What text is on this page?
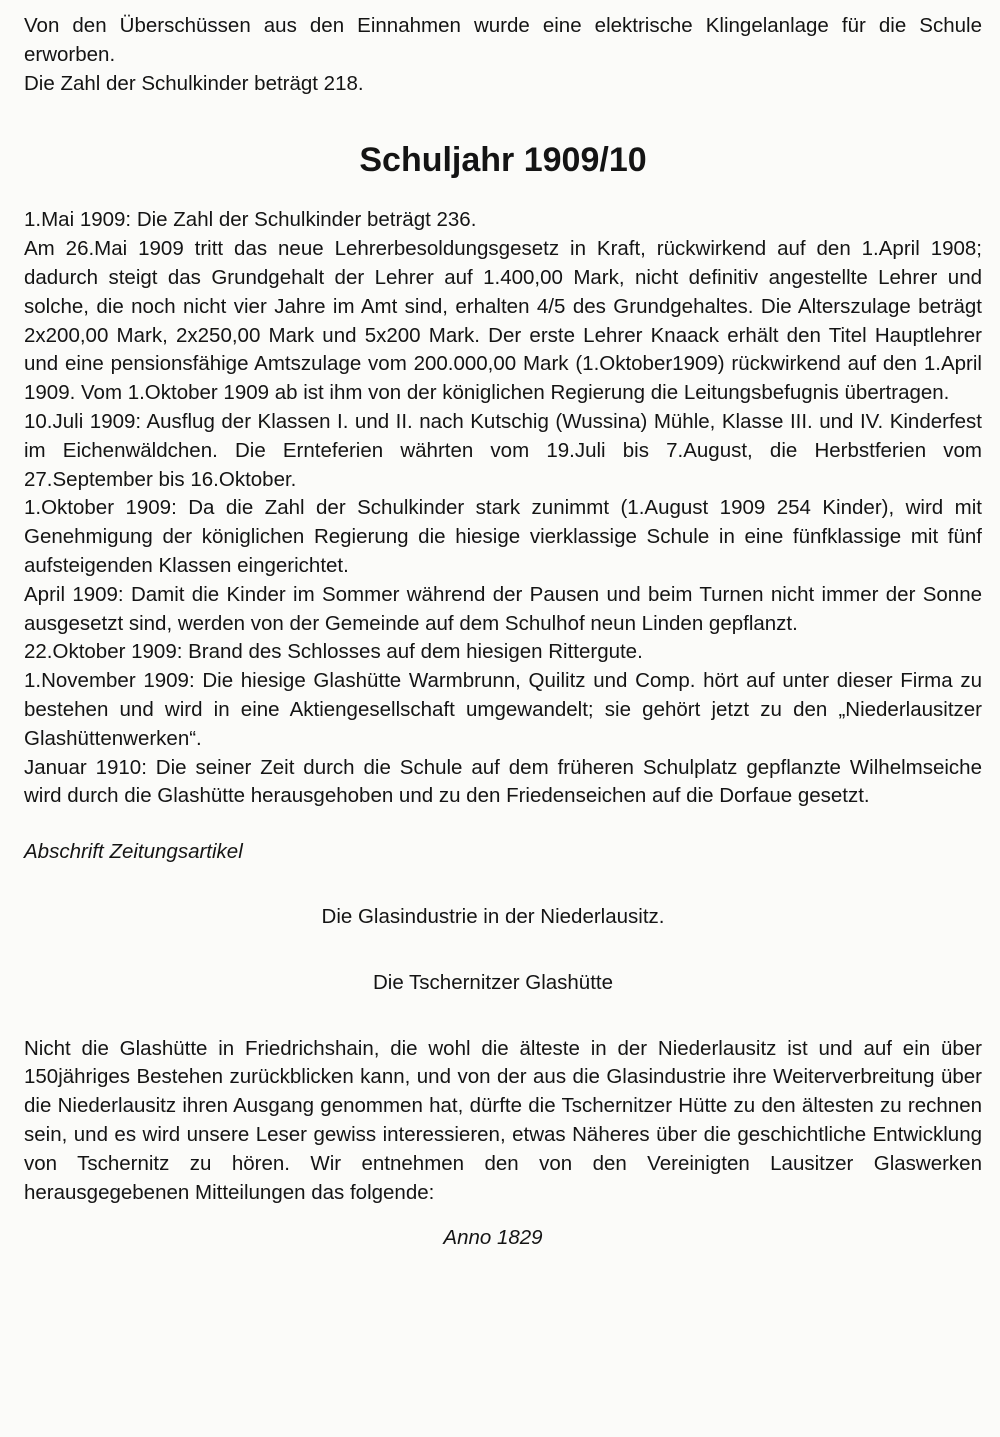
Von den Überschüssen aus den Einnahmen wurde eine elektrische Klingelanlage für die Schule erworben.

Die Zahl der Schulkinder beträgt 218.

Schuljahr 1909/10

1.Mai 1909: Die Zahl der Schulkinder beträgt 236.

Am 26.Mai 1909 tritt das neue Lehrerbesoldungsgesetz in Kraft, rückwirkend auf den 1.April 1908; dadurch steigt das Grundgehalt der Lehrer auf 1.400,00 Mark, nicht definitiv angestellte Lehrer und solche, die noch nicht vier Jahre im Amt sind, erhalten 4/5 des Grundgehaltes. Die Alterszulage beträgt 2x200,00 Mark, 2x250,00 Mark und 5x200 Mark. Der erste Lehrer Knaack erhält den Titel Hauptlehrer und eine pensionsfähige Amtszulage vom 200.000,00 Mark (1.Oktober1909) rückwirkend auf den 1.April 1909. Vom 1.Oktober 1909 ab ist ihm von der königlichen Regierung die Leitungsbefugnis übertragen.

10.Juli 1909: Ausflug der Klassen I. und II. nach Kutschig (Wussina) Mühle, Klasse III. und IV. Kinderfest im Eichenwäldchen. Die Ernteferien währten vom 19.Juli bis 7.August, die Herbstferien vom 27.September bis 16.Oktober.

1.Oktober 1909: Da die Zahl der Schulkinder stark zunimmt (1.August 1909 254 Kinder), wird mit Genehmigung der königlichen Regierung die hiesige vierklassige Schule in eine fünfklassige mit fünf aufsteigenden Klassen eingerichtet.

April 1909: Damit die Kinder im Sommer während der Pausen und beim Turnen nicht immer der Sonne ausgesetzt sind, werden von der Gemeinde auf dem Schulhof neun Linden gepflanzt.

22.Oktober 1909: Brand des Schlosses auf dem hiesigen Rittergute.

1.November 1909: Die hiesige Glashütte Warmbrunn, Quilitz und Comp. hört auf unter dieser Firma zu bestehen und wird in eine Aktiengesellschaft umgewandelt; sie gehört jetzt zu den „Niederlausitzer Glashüttenwerken“.

Januar 1910: Die seiner Zeit durch die Schule auf dem früheren Schulplatz gepflanzte Wilhelmseiche wird durch die Glashütte herausgehoben und zu den Friedenseichen auf die Dorfaue gesetzt.

Abschrift Zeitungsartikel

Die Glasindustrie in der Niederlausitz.

Die Tschernitzer Glashütte

Nicht die Glashütte in Friedrichshain, die wohl die älteste in der Niederlausitz ist und auf ein über 150jähriges Bestehen zurückblicken kann, und von der aus die Glasindustrie ihre Weiterverbreitung über die Niederlausitz ihren Ausgang genommen hat, dürfte die Tschernitzer Hütte zu den ältesten zu rechnen sein, und es wird unsere Leser gewiss interessieren, etwas Näheres über die geschichtliche Entwicklung von Tschernitz zu hören. Wir entnehmen den von den Vereinigten Lausitzer Glaswerken herausgegebenen Mitteilungen das folgende:

Anno 1829
